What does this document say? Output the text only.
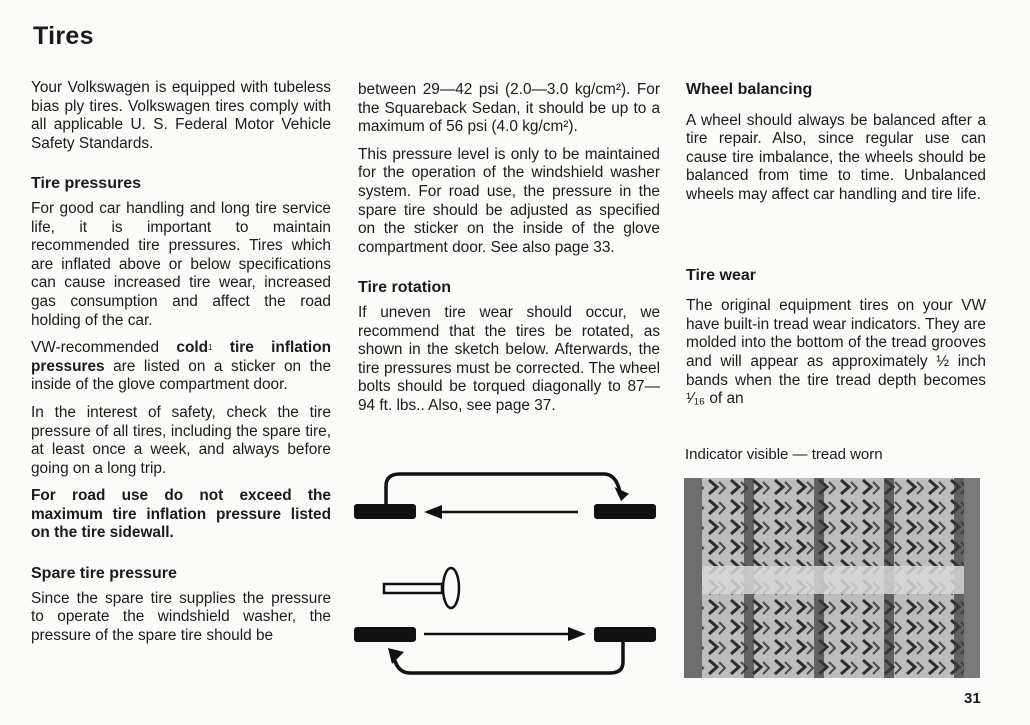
Tires

Your Volkswagen is equipped with tubeless bias ply tires. Volkswagen tires comply with all applicable U. S. Federal Motor Vehicle Safety Standards.

Tire pressures

For good car handling and long tire service life, it is important to maintain recommended tire pressures. Tires which are inflated above or below specifications can cause increased tire wear, increased gas consumption and affect the road holding of the car.

VW-recommended cold$^1$ tire inflation pressures are listed on a sticker on the inside of the glove compartment door.

In the interest of safety, check the tire pressure of all tires, including the spare tire, at least once a week, and always before going on a long trip.

For road use do not exceed the maximum tire inflation pressure listed on the tire sidewall.

Spare tire pressure

Since the spare tire supplies the pressure to operate the windshield washer, the pressure of the spare tire should be

between 29—42 psi (2.0—3.0 kg/cm²). For the Squareback Sedan, it should be up to a maximum of 56 psi (4.0 kg/cm²).

This pressure level is only to be maintained for the operation of the windshield washer system. For road use, the pressure in the spare tire should be adjusted as specified on the sticker on the inside of the glove compartment door. See also page 33.

Tire rotation

If uneven tire wear should occur, we recommend that the tires be rotated, as shown in the sketch below. Afterwards, the tire pressures must be corrected. The wheel bolts should be torqued diagonally to 87—94 ft. lbs.. Also, see page 37.

Wheel balancing

A wheel should always be balanced after a tire repair. Also, since regular use can cause tire imbalance, the wheels should be balanced from time to time. Unbalanced wheels may affect car handling and tire life.

Tire wear

The original equipment tires on your VW have built-in tread wear indicators. They are molded into the bottom of the tread grooves and will appear as approximately ½ inch bands when the tire tread depth becomes ¹⁄₁₆ of an

Indicator visible — tread worn
31
